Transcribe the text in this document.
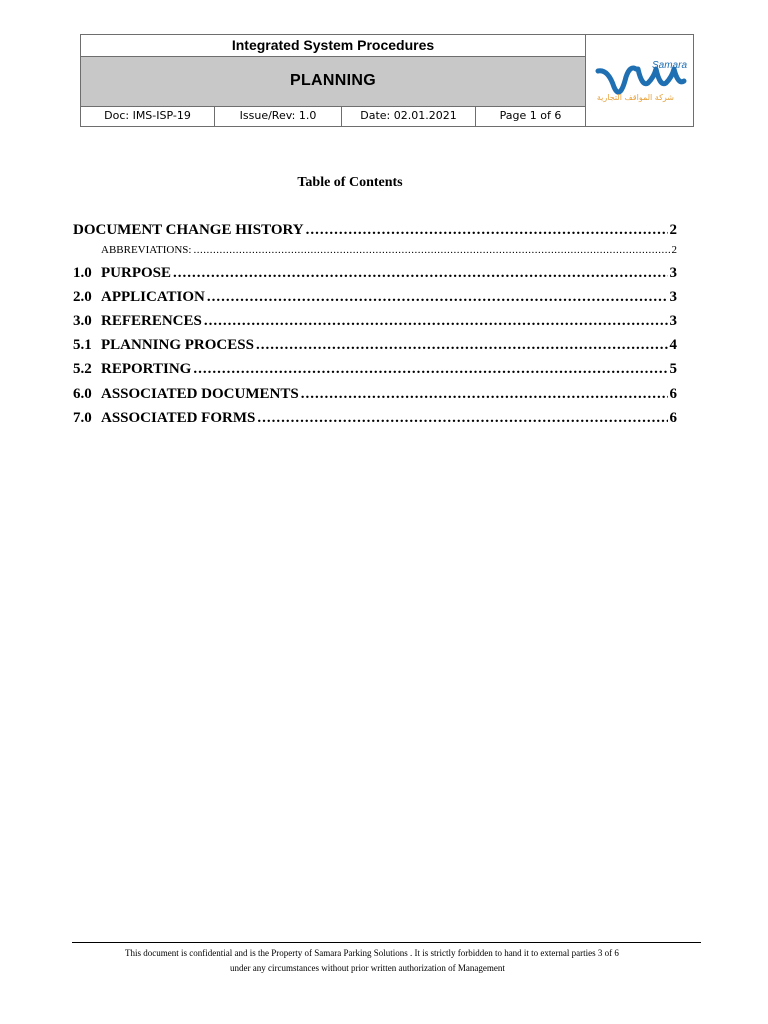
Integrated System Procedures
PLANNING
Doc: IMS-ISP-19	Issue/Rev: 1.0	Date: 02.01.2021	Page 1 of 6
Samara
شركة المواقف التجارية
Table of Contents
DOCUMENT CHANGE HISTORY .....	2
ABBREVIATIONS: .....	2
1.0 PURPOSE .....	3
2.0 APPLICATION .....	3
3.0 REFERENCES .....	3
5.1 PLANNING PROCESS .....	4
5.2 REPORTING .....	5
6.0 ASSOCIATED DOCUMENTS .....	6
7.0 ASSOCIATED FORMS .....	6
This document is confidential and is the Property of Samara Parking Solutions . It is strictly forbidden to hand it to external parties 3 of 6
under any circumstances without prior written authorization of Management
